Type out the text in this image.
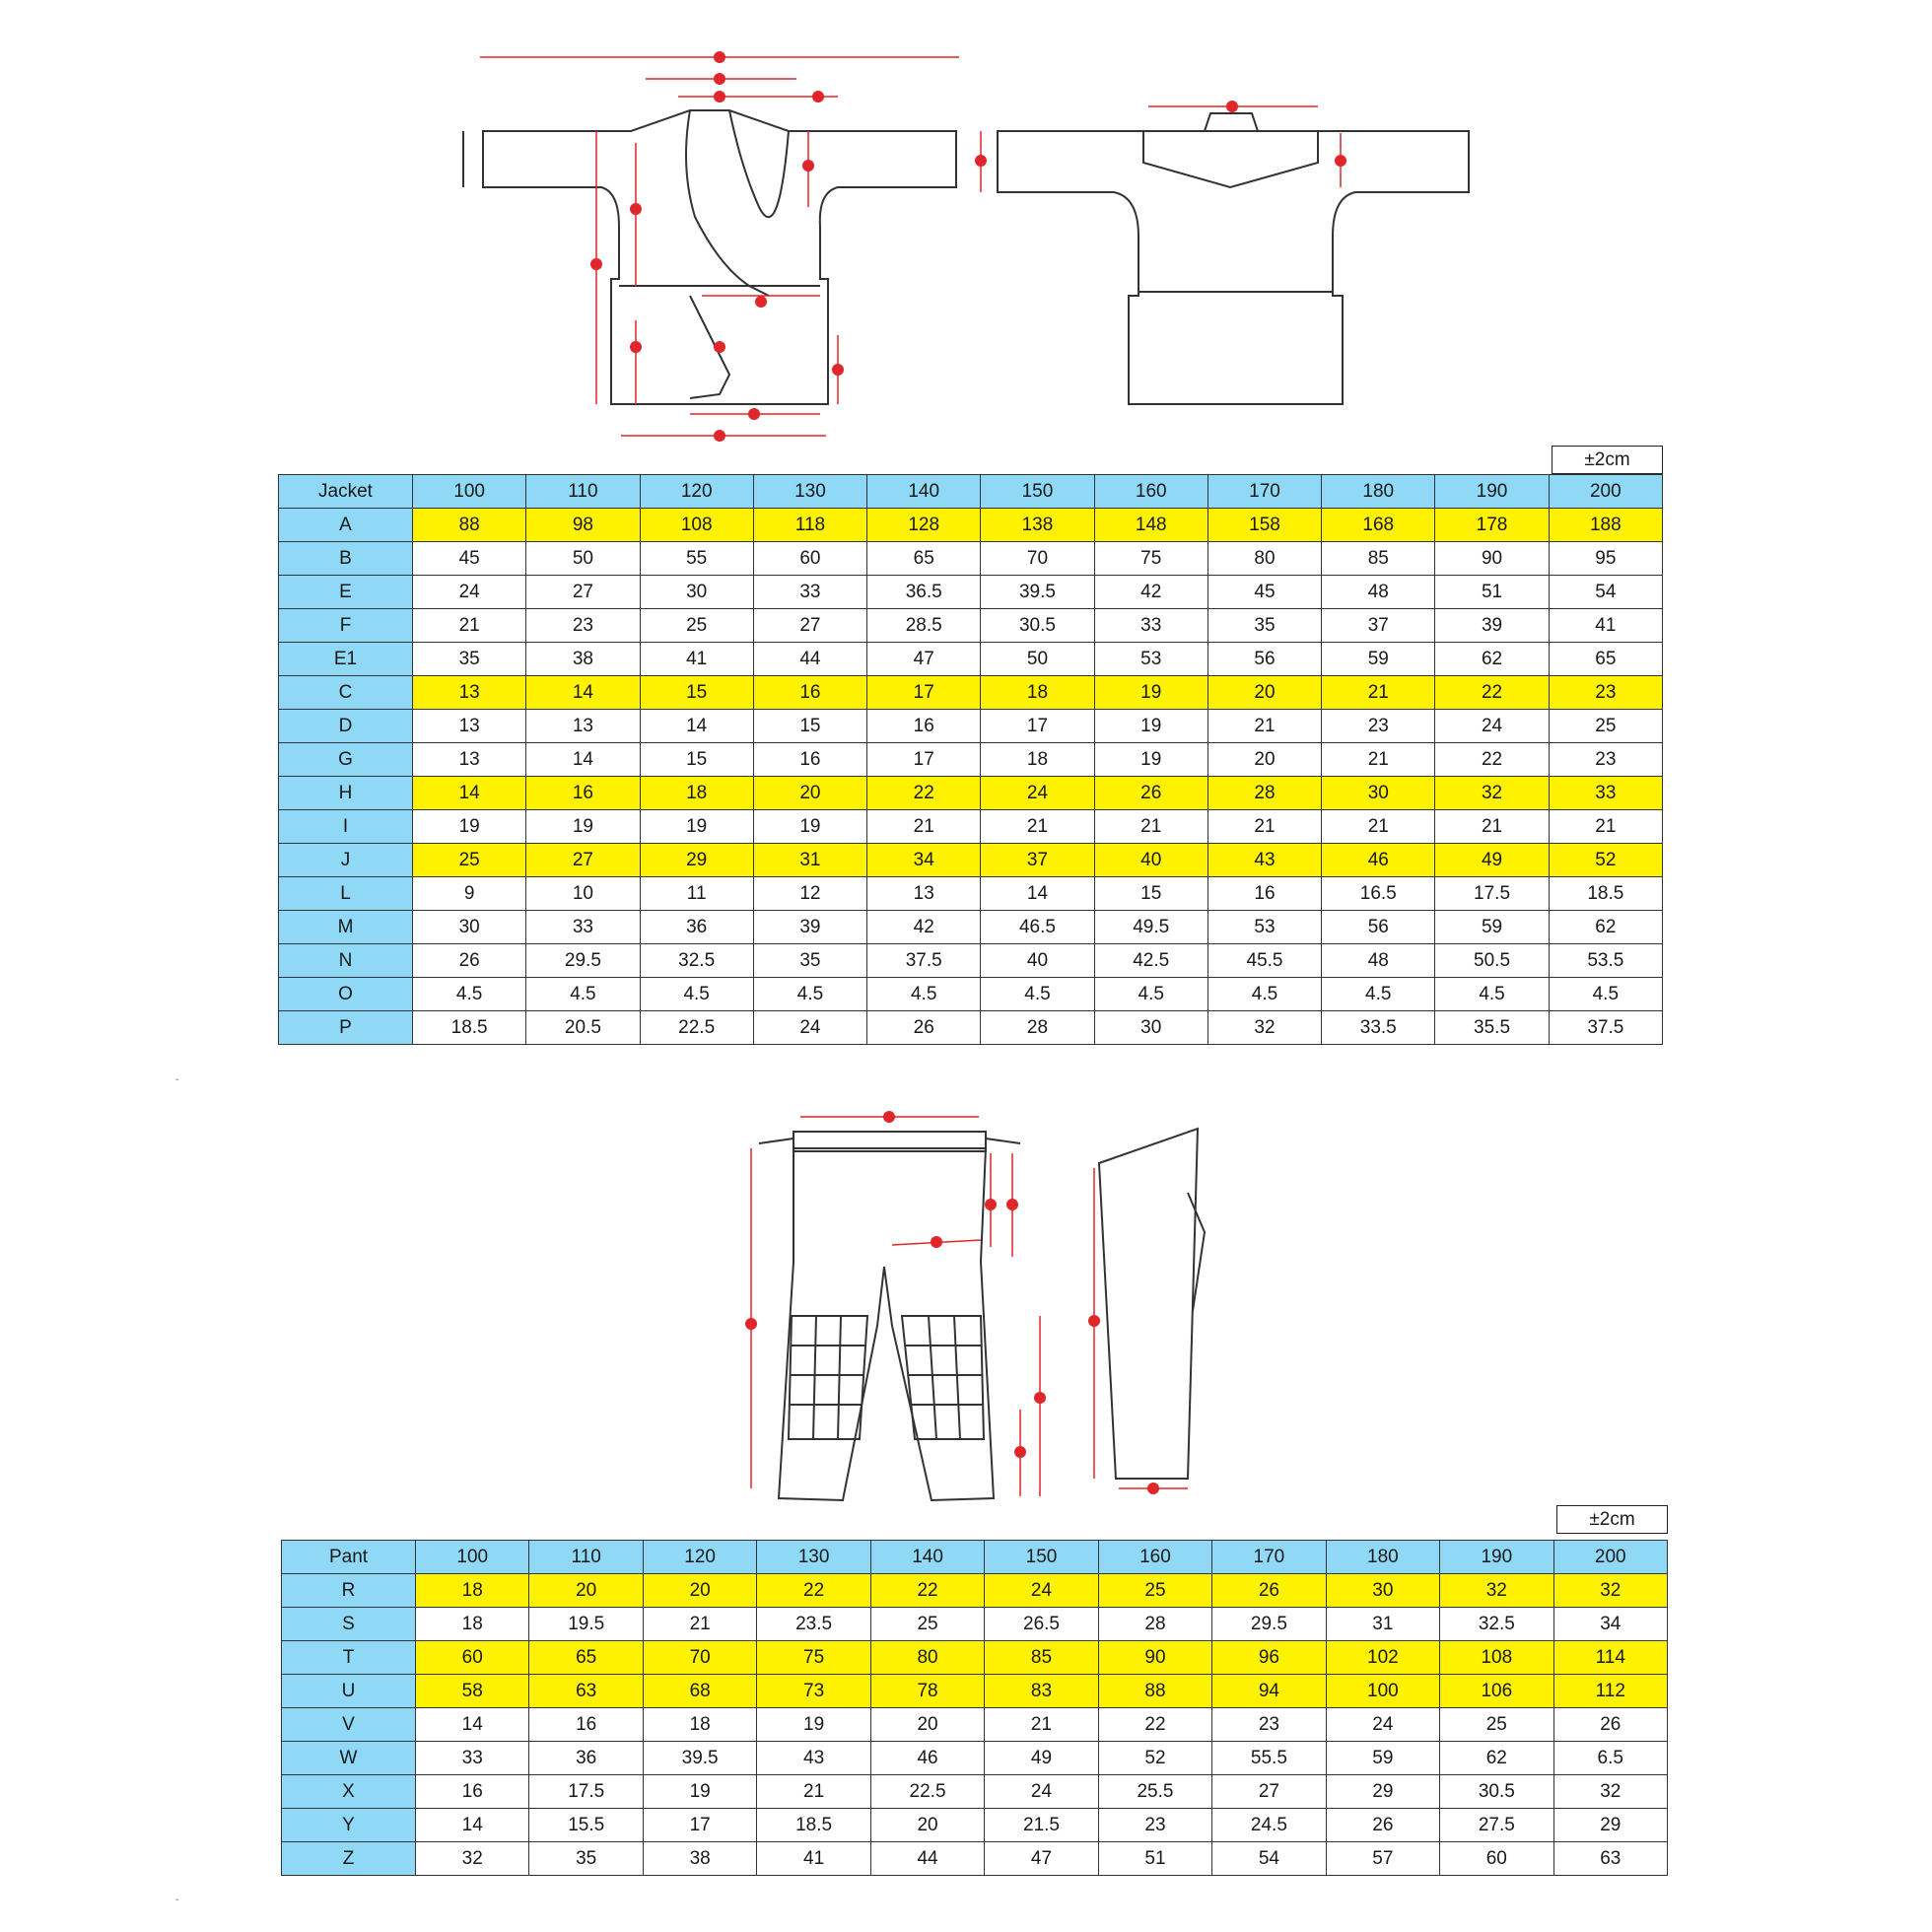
±2cm
Jacket	100	110	120	130	140	150	160	170	180	190	200
A	88	98	108	118	128	138	148	158	168	178	188
B	45	50	55	60	65	70	75	80	85	90	95
E	24	27	30	33	36.5	39.5	42	45	48	51	54
F	21	23	25	27	28.5	30.5	33	35	37	39	41
E1	35	38	41	44	47	50	53	56	59	62	65
C	13	14	15	16	17	18	19	20	21	22	23
D	13	13	14	15	16	17	19	21	23	24	25
G	13	14	15	16	17	18	19	20	21	22	23
H	14	16	18	20	22	24	26	28	30	32	33
I	19	19	19	19	21	21	21	21	21	21	21
J	25	27	29	31	34	37	40	43	46	49	52
L	9	10	11	12	13	14	15	16	16.5	17.5	18.5
M	30	33	36	39	42	46.5	49.5	53	56	59	62
N	26	29.5	32.5	35	37.5	40	42.5	45.5	48	50.5	53.5
O	4.5	4.5	4.5	4.5	4.5	4.5	4.5	4.5	4.5	4.5	4.5
P	18.5	20.5	22.5	24	26	28	30	32	33.5	35.5	37.5
-
±2cm
Pant	100	110	120	130	140	150	160	170	180	190	200
R	18	20	20	22	22	24	25	26	30	32	32
S	18	19.5	21	23.5	25	26.5	28	29.5	31	32.5	34
T	60	65	70	75	80	85	90	96	102	108	114
U	58	63	68	73	78	83	88	94	100	106	112
V	14	16	18	19	20	21	22	23	24	25	26
W	33	36	39.5	43	46	49	52	55.5	59	62	6.5
X	16	17.5	19	21	22.5	24	25.5	27	29	30.5	32
Y	14	15.5	17	18.5	20	21.5	23	24.5	26	27.5	29
Z	32	35	38	41	44	47	51	54	57	60	63
-
